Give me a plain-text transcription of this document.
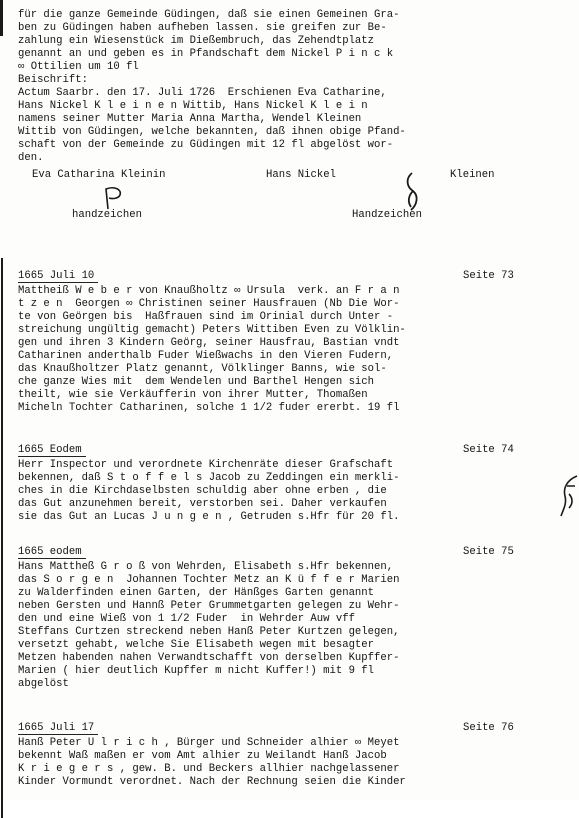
für die ganze Gemeinde Güdingen, daß sie einen Gemeinen Gra-
ben zu Güdingen haben aufheben lassen. sie greifen zur Be-
zahlung ein Wiesenstück im Dießembruch, das Zehendtplatz
genannt an und geben es in Pfandschaft dem Nickel P i n c k
∞ Ottilien um 10 fl
Beischrift:
Actum Saarbr. den 17. Juli 1726  Erschienen Eva Catharine,
Hans Nickel K l e i n e n Wittib, Hans Nickel K l e i n
namens seiner Mutter Maria Anna Martha, Wendel Kleinen
Wittib von Güdingen, welche bekannten, daß ihnen obige Pfand-
schaft von der Gemeinde zu Güdingen mit 12 fl abgelöst wor-
den.
Eva Catharina Kleinin	Hans Nickel	Kleinen
handzeichen	Handzeichen
1665 Juli 10	Seite 73
Mattheiß W e b e r von Knaußholtz ∞ Ursula  verk. an F r a n
t z e n  Georgen ∞ Christinen seiner Hausfrauen (Nb Die Wor-
te von Geörgen bis  Haßfrauen sind im Orinial durch Unter -
streichung ungültig gemacht) Peters Wittiben Even zu Völklin-
gen und ihren 3 Kindern Geörg, seiner Hausfrau, Bastian vndt
Catharinen anderthalb Fuder Wießwachs in den Vieren Fudern,
das Knaußholtzer Platz genannt, Völklinger Banns, wie sol-
che ganze Wies mit  dem Wendelen und Barthel Hengen sich
theilt, wie sie Verkäufferin von ihrer Mutter, Thomaßen
Micheln Tochter Catharinen, solche 1 1/2 fuder ererbt. 19 fl
1665 Eodem	Seite 74
Herr Inspector und verordnete Kirchenräte dieser Grafschaft
bekennen, daß S t o f f e l s Jacob zu Zeddingen ein merkli-
ches in die Kirchdaselbsten schuldig aber ohne erben , die
das Gut anzunehmen bereit, verstorben sei. Daher verkaufen
sie das Gut an Lucas J u n g e n , Getruden s.Hfr für 20 fl.
1665 eodem	Seite 75
Hans Mattheß G r o ß von Wehrden, Elisabeth s.Hfr bekennen,
das S o r g e n  Johannen Tochter Metz an K ü f f e r Marien
zu Walderfinden einen Garten, der Hänßges Garten genannt
neben Gersten und Hannß Peter Grummetgarten gelegen zu Wehr-
den und eine Wieß von 1 1/2 Fuder  in Wehrder Auw vff
Steffans Curtzen streckend neben Hanß Peter Kurtzen gelegen,
versetzt gehabt, welche Sie Elisabeth wegen mit besagter
Metzen habenden nahen Verwandtschafft von derselben Kupffer-
Marien ( hier deutlich Kupffer m nicht Kuffer!) mit 9 fl
abgelöst
1665 Juli 17	Seite 76
Hanß Peter U l r i c h , Bürger und Schneider alhier ∞ Meyet
bekennt Waß maßen er vom Amt alhier zu Weilandt Hanß Jacob
K r i e g e r s , gew. B. und Beckers allhier nachgelassener
Kinder Vormundt verordnet. Nach der Rechnung seien die Kinder
